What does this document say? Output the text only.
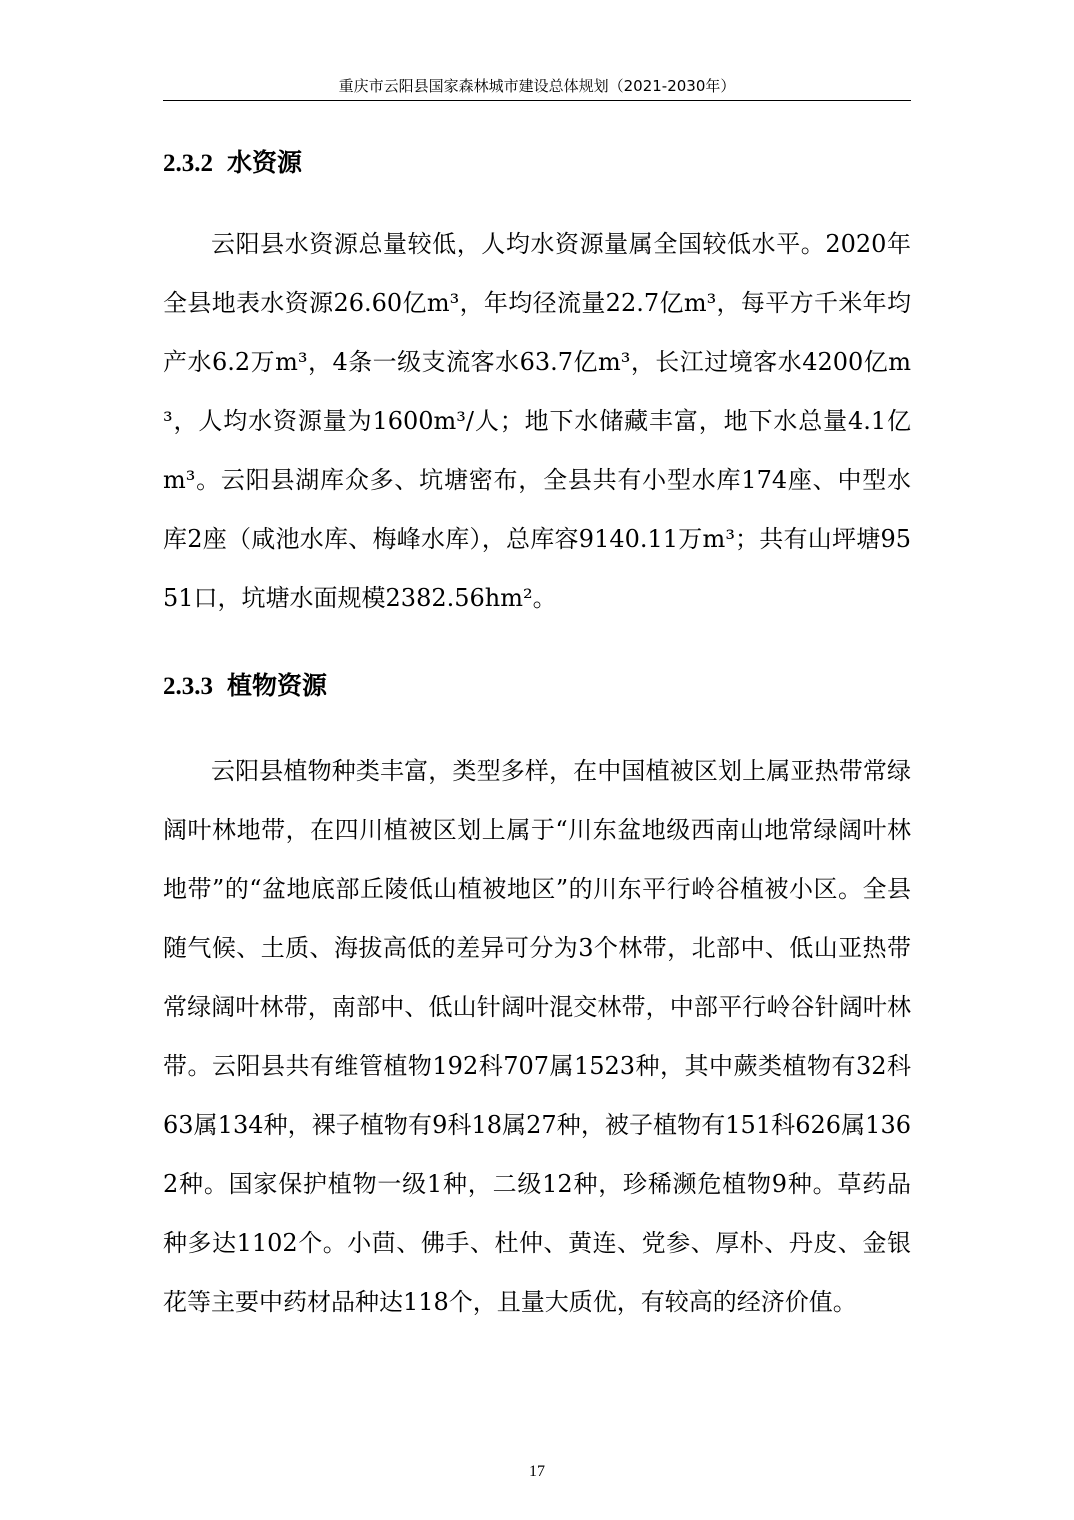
重庆市云阳县国家森林城市建设总体规划（2021-2030年）
2.3.2 水资源

云阳县水资源总量较低，人均水资源量属全国较低水平。2020年全县地表水资源26.60亿m³，年均径流量22.7亿m³，每平方千米年均产水6.2万m³，4条一级支流客水63.7亿m³，长江过境客水4200亿m³，人均水资源量为1600m³/人；地下水储藏丰富，地下水总量4.1亿m³。云阳县湖库众多、坑塘密布，全县共有小型水库174座、中型水库2座（咸池水库、梅峰水库），总库容9140.11万m³；共有山坪塘9551口，坑塘水面规模2382.56hm²。

2.3.3 植物资源

云阳县植物种类丰富，类型多样，在中国植被区划上属亚热带常绿阔叶林地带，在四川植被区划上属于“川东盆地级西南山地常绿阔叶林地带”的“盆地底部丘陵低山植被地区”的川东平行岭谷植被小区。全县随气候、土质、海拔高低的差异可分为3个林带，北部中、低山亚热带常绿阔叶林带，南部中、低山针阔叶混交林带，中部平行岭谷针阔叶林带。云阳县共有维管植物192科707属1523种，其中蕨类植物有32科63属134种，裸子植物有9科18属27种，被子植物有151科626属1362种。国家保护植物一级1种，二级12种，珍稀濒危植物9种。草药品种多达1102个。小茴、佛手、杜仲、黄连、党参、厚朴、丹皮、金银花等主要中药材品种达118个，且量大质优，有较高的经济价值。

17
